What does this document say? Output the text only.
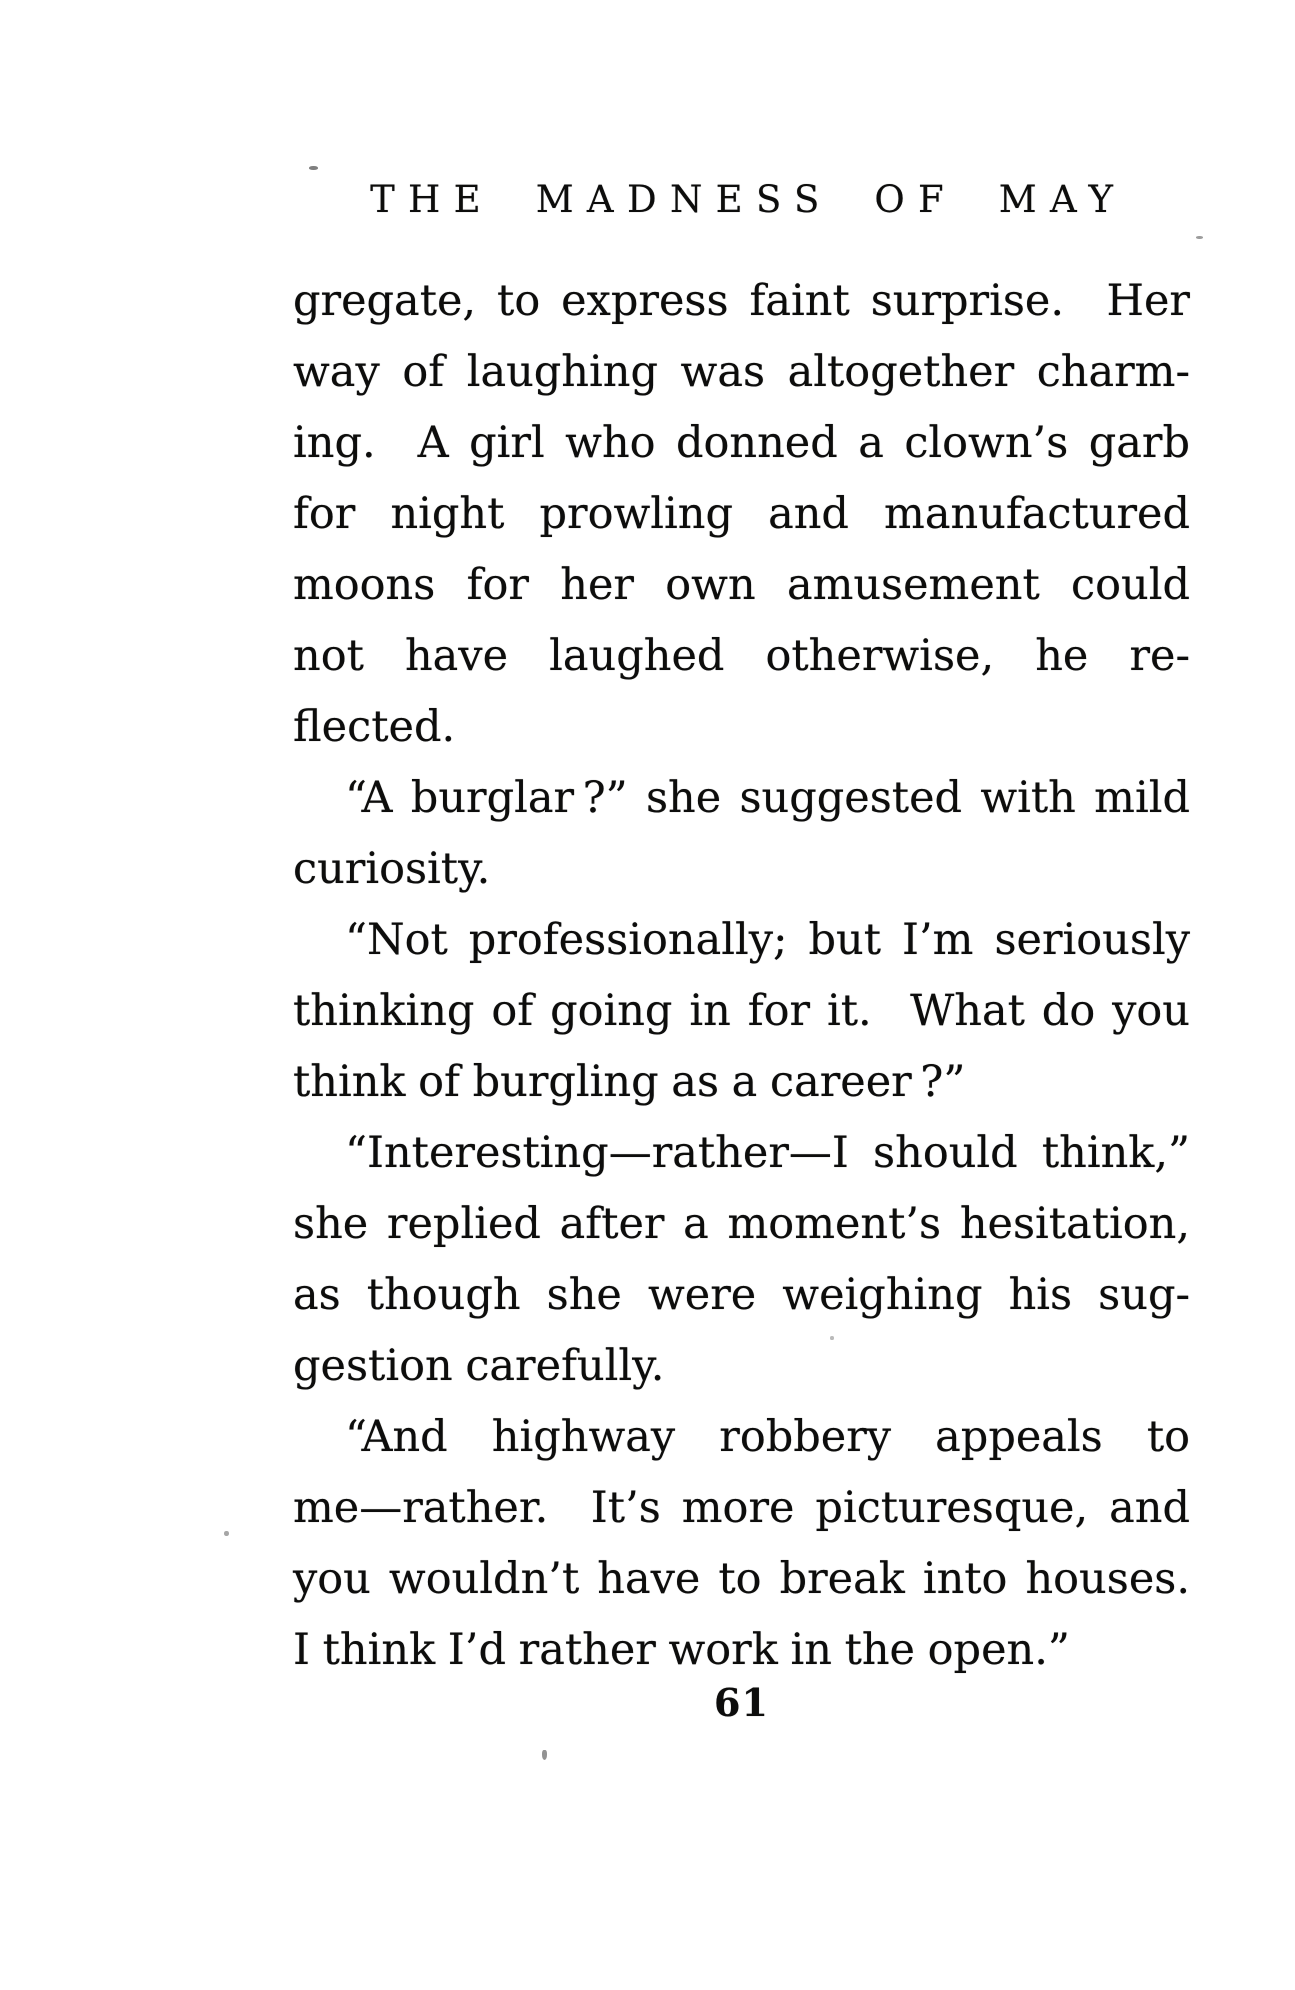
THE MADNESS OF MAY
gregate, to express faint surprise.  Her
way of laughing was altogether charm-
ing.  A girl who donned a clown’s garb
for night prowling and manufactured
moons for her own amusement could
not have laughed otherwise, he re-
flected.
“A burglar ?” she suggested with mild
curiosity.
“Not professionally; but I’m seriously
thinking of going in for it.  What do you
think of burgling as a career ?”
“Interesting—rather—I should think,”
she replied after a moment’s hesitation,
as though she were weighing his sug-
gestion carefully.
“And highway robbery appeals to
me—rather.  It’s more picturesque, and
you wouldn’t have to break into houses.
I think I’d rather work in the open.”
61
